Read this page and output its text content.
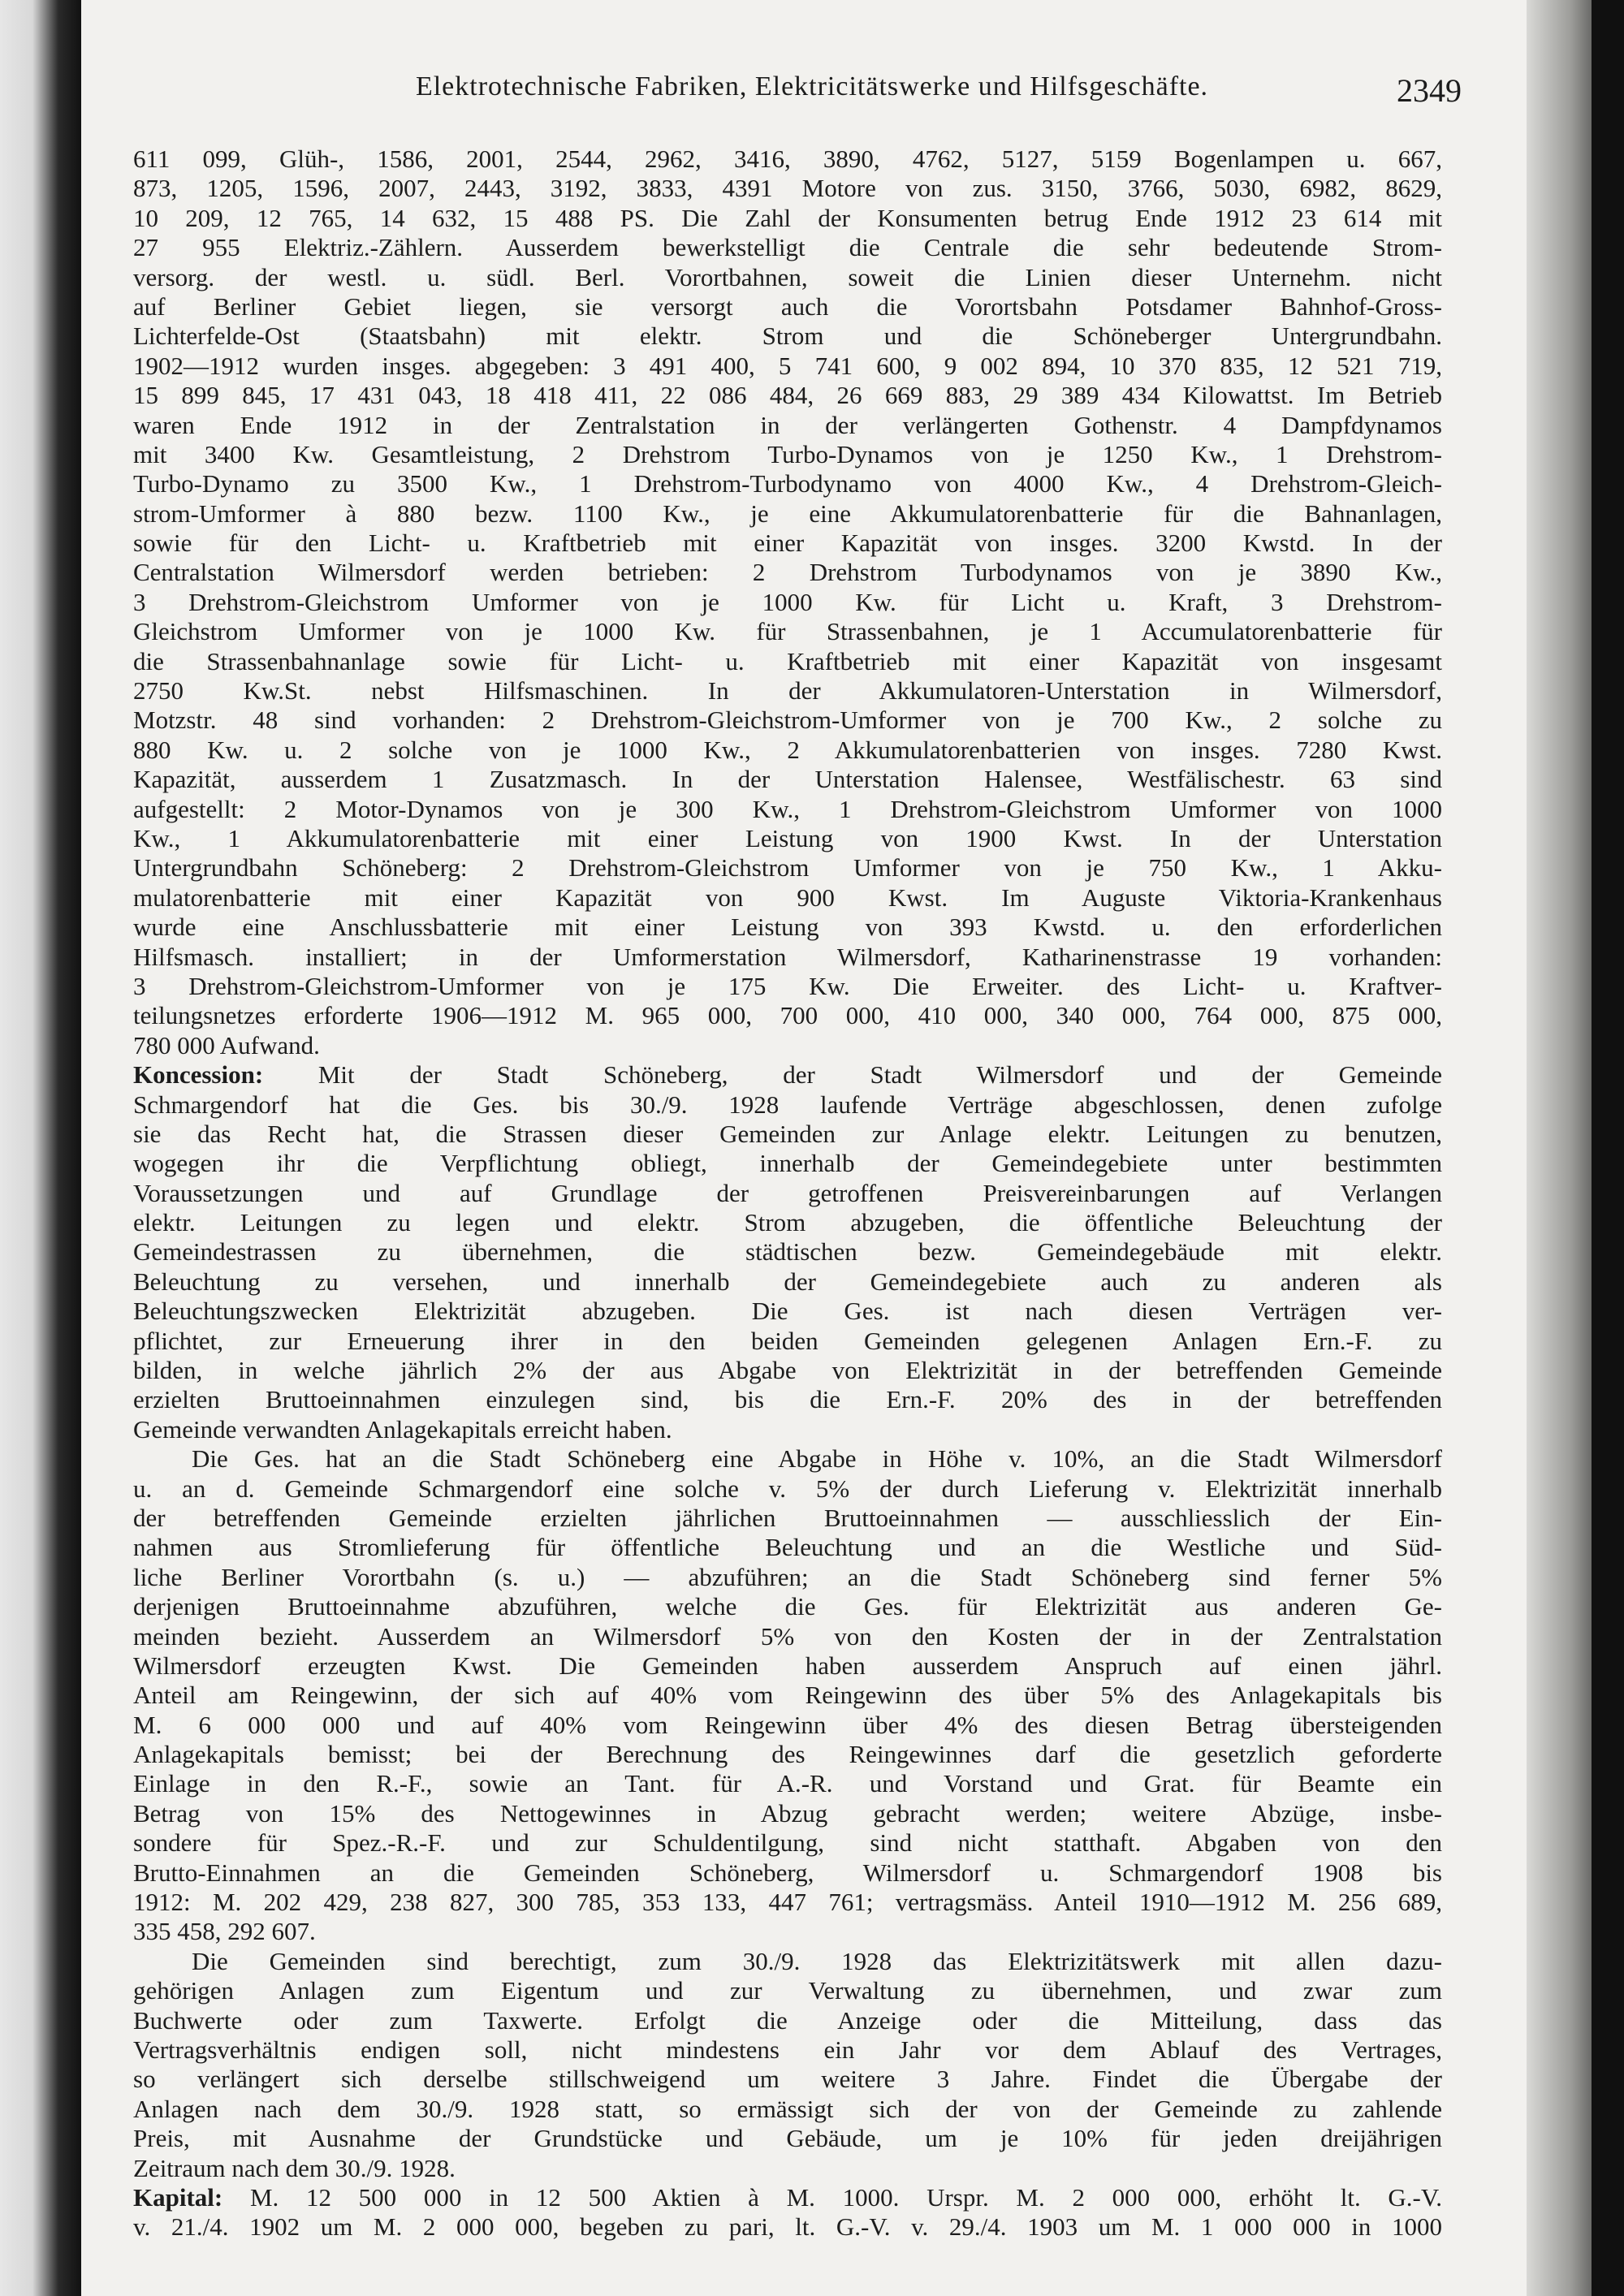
Elektrotechnische Fabriken, Elektricitätswerke und Hilfsgeschäfte.	2349
611 099, Glüh-, 1586, 2001, 2544, 2962, 3416, 3890, 4762, 5127, 5159 Bogenlampen u. 667,
873, 1205, 1596, 2007, 2443, 3192, 3833, 4391 Motore von zus. 3150, 3766, 5030, 6982, 8629,
10 209, 12 765, 14 632, 15 488 PS. Die Zahl der Konsumenten betrug Ende 1912 23 614 mit
27 955 Elektriz.-Zählern. Ausserdem bewerkstelligt die Centrale die sehr bedeutende Strom-
versorg. der westl. u. südl. Berl. Vorortbahnen, soweit die Linien dieser Unternehm. nicht
auf Berliner Gebiet liegen, sie versorgt auch die Vorortsbahn Potsdamer Bahnhof-Gross-
Lichterfelde-Ost (Staatsbahn) mit elektr. Strom und die Schöneberger Untergrundbahn.
1902—1912 wurden insges. abgegeben: 3 491 400, 5 741 600, 9 002 894, 10 370 835, 12 521 719,
15 899 845, 17 431 043, 18 418 411, 22 086 484, 26 669 883, 29 389 434 Kilowattst. Im Betrieb
waren Ende 1912 in der Zentralstation in der verlängerten Gothenstr. 4 Dampfdynamos
mit 3400 Kw. Gesamtleistung, 2 Drehstrom Turbo-Dynamos von je 1250 Kw., 1 Drehstrom-
Turbo-Dynamo zu 3500 Kw., 1 Drehstrom-Turbodynamo von 4000 Kw., 4 Drehstrom-Gleich-
strom-Umformer à 880 bezw. 1100 Kw., je eine Akkumulatorenbatterie für die Bahnanlagen,
sowie für den Licht- u. Kraftbetrieb mit einer Kapazität von insges. 3200 Kwstd. In der
Centralstation Wilmersdorf werden betrieben: 2 Drehstrom Turbodynamos von je 3890 Kw.,
3 Drehstrom-Gleichstrom Umformer von je 1000 Kw. für Licht u. Kraft, 3 Drehstrom-
Gleichstrom Umformer von je 1000 Kw. für Strassenbahnen, je 1 Accumulatorenbatterie für
die Strassenbahnanlage sowie für Licht- u. Kraftbetrieb mit einer Kapazität von insgesamt
2750 Kw.St. nebst Hilfsmaschinen. In der Akkumulatoren-Unterstation in Wilmersdorf,
Motzstr. 48 sind vorhanden: 2 Drehstrom-Gleichstrom-Umformer von je 700 Kw., 2 solche zu
880 Kw. u. 2 solche von je 1000 Kw., 2 Akkumulatorenbatterien von insges. 7280 Kwst.
Kapazität, ausserdem 1 Zusatzmasch. In der Unterstation Halensee, Westfälischestr. 63 sind
aufgestellt: 2 Motor-Dynamos von je 300 Kw., 1 Drehstrom-Gleichstrom Umformer von 1000
Kw., 1 Akkumulatorenbatterie mit einer Leistung von 1900 Kwst. In der Unterstation
Untergrundbahn Schöneberg: 2 Drehstrom-Gleichstrom Umformer von je 750 Kw., 1 Akku-
mulatorenbatterie mit einer Kapazität von 900 Kwst. Im Auguste Viktoria-Krankenhaus
wurde eine Anschlussbatterie mit einer Leistung von 393 Kwstd. u. den erforderlichen
Hilfsmasch. installiert; in der Umformerstation Wilmersdorf, Katharinenstrasse 19 vorhanden:
3 Drehstrom-Gleichstrom-Umformer von je 175 Kw. Die Erweiter. des Licht- u. Kraftver-
teilungsnetzes erforderte 1906—1912 M. 965 000, 700 000, 410 000, 340 000, 764 000, 875 000,
780 000 Aufwand.
Koncession: Mit der Stadt Schöneberg, der Stadt Wilmersdorf und der Gemeinde
Schmargendorf hat die Ges. bis 30./9. 1928 laufende Verträge abgeschlossen, denen zufolge
sie das Recht hat, die Strassen dieser Gemeinden zur Anlage elektr. Leitungen zu benutzen,
wogegen ihr die Verpflichtung obliegt, innerhalb der Gemeindegebiete unter bestimmten
Voraussetzungen und auf Grundlage der getroffenen Preisvereinbarungen auf Verlangen
elektr. Leitungen zu legen und elektr. Strom abzugeben, die öffentliche Beleuchtung der
Gemeindestrassen zu übernehmen, die städtischen bezw. Gemeindegebäude mit elektr.
Beleuchtung zu versehen, und innerhalb der Gemeindegebiete auch zu anderen als
Beleuchtungszwecken Elektrizität abzugeben. Die Ges. ist nach diesen Verträgen ver-
pflichtet, zur Erneuerung ihrer in den beiden Gemeinden gelegenen Anlagen Ern.-F. zu
bilden, in welche jährlich 2% der aus Abgabe von Elektrizität in der betreffenden Gemeinde
erzielten Bruttoeinnahmen einzulegen sind, bis die Ern.-F. 20% des in der betreffenden
Gemeinde verwandten Anlagekapitals erreicht haben.
Die Ges. hat an die Stadt Schöneberg eine Abgabe in Höhe v. 10%, an die Stadt Wilmersdorf
u. an d. Gemeinde Schmargendorf eine solche v. 5% der durch Lieferung v. Elektrizität innerhalb
der betreffenden Gemeinde erzielten jährlichen Bruttoeinnahmen — ausschliesslich der Ein-
nahmen aus Stromlieferung für öffentliche Beleuchtung und an die Westliche und Süd-
liche Berliner Vorortbahn (s. u.) — abzuführen; an die Stadt Schöneberg sind ferner 5%
derjenigen Bruttoeinnahme abzuführen, welche die Ges. für Elektrizität aus anderen Ge-
meinden bezieht. Ausserdem an Wilmersdorf 5% von den Kosten der in der Zentralstation
Wilmersdorf erzeugten Kwst. Die Gemeinden haben ausserdem Anspruch auf einen jährl.
Anteil am Reingewinn, der sich auf 40% vom Reingewinn des über 5% des Anlagekapitals bis
M. 6 000 000 und auf 40% vom Reingewinn über 4% des diesen Betrag übersteigenden
Anlagekapitals bemisst; bei der Berechnung des Reingewinnes darf die gesetzlich geforderte
Einlage in den R.-F., sowie an Tant. für A.-R. und Vorstand und Grat. für Beamte ein
Betrag von 15% des Nettogewinnes in Abzug gebracht werden; weitere Abzüge, insbe-
sondere für Spez.-R.-F. und zur Schuldentilgung, sind nicht statthaft. Abgaben von den
Brutto-Einnahmen an die Gemeinden Schöneberg, Wilmersdorf u. Schmargendorf 1908 bis
1912: M. 202 429, 238 827, 300 785, 353 133, 447 761; vertragsmäss. Anteil 1910—1912 M. 256 689,
335 458, 292 607.
Die Gemeinden sind berechtigt, zum 30./9. 1928 das Elektrizitätswerk mit allen dazu-
gehörigen Anlagen zum Eigentum und zur Verwaltung zu übernehmen, und zwar zum
Buchwerte oder zum Taxwerte. Erfolgt die Anzeige oder die Mitteilung, dass das
Vertragsverhältnis endigen soll, nicht mindestens ein Jahr vor dem Ablauf des Vertrages,
so verlängert sich derselbe stillschweigend um weitere 3 Jahre. Findet die Übergabe der
Anlagen nach dem 30./9. 1928 statt, so ermässigt sich der von der Gemeinde zu zahlende
Preis, mit Ausnahme der Grundstücke und Gebäude, um je 10% für jeden dreijährigen
Zeitraum nach dem 30./9. 1928.
Kapital: M. 12 500 000 in 12 500 Aktien à M. 1000. Urspr. M. 2 000 000, erhöht lt. G.-V.
v. 21./4. 1902 um M. 2 000 000, begeben zu pari, lt. G.-V. v. 29./4. 1903 um M. 1 000 000 in 1000
